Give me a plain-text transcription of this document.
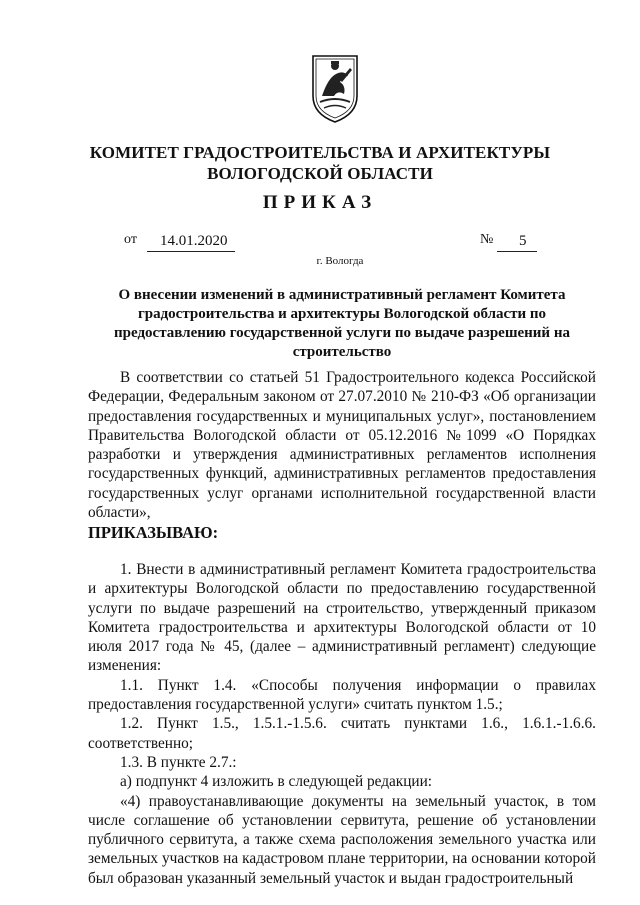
КОМИТЕТ ГРАДОСТРОИТЕЛЬСТВА И АРХИТЕКТУРЫ
ВОЛОГОДСКОЙ ОБЛАСТИ
ПРИКАЗ
от 14.01.2020	№ 5
г. Вологда
О внесении изменений в административный регламент Комитета градостроительства и архитектуры Вологодской области по предоставлению государственной услуги по выдаче разрешений на строительство

В соответствии со статьей 51 Градостроительного кодекса Российской Федерации, Федеральным законом от 27.07.2010 № 210-ФЗ «Об организации предоставления государственных и муниципальных услуг», постановлением Правительства Вологодской области от 05.12.2016 №1099 «О Порядках разработки и утверждения административных регламентов исполнения государственных функций, административных регламентов предоставления государственных услуг органами исполнительной государственной власти области»,

ПРИКАЗЫВАЮ:

1. Внести в административный регламент Комитета градостроительства и архитектуры Вологодской области по предоставлению государственной услуги по выдаче разрешений на строительство, утвержденный приказом Комитета градостроительства и архитектуры Вологодской области от 10 июля 2017 года № 45, (далее – административный регламент) следующие изменения:

1.1. Пункт 1.4. «Способы получения информации о правилах предоставления государственной услуги» считать пунктом 1.5.;

1.2. Пункт 1.5., 1.5.1.-1.5.6. считать пунктами 1.6., 1.6.1.-1.6.6. соответственно;

1.3. В пункте 2.7.:

а) подпункт 4 изложить в следующей редакции:

«4) правоустанавливающие документы на земельный участок, в том числе соглашение об установлении сервитута, решение об установлении публичного сервитута, а также схема расположения земельного участка или земельных участков на кадастровом плане территории, на основании которой был образован указанный земельный участок и выдан градостроительный
